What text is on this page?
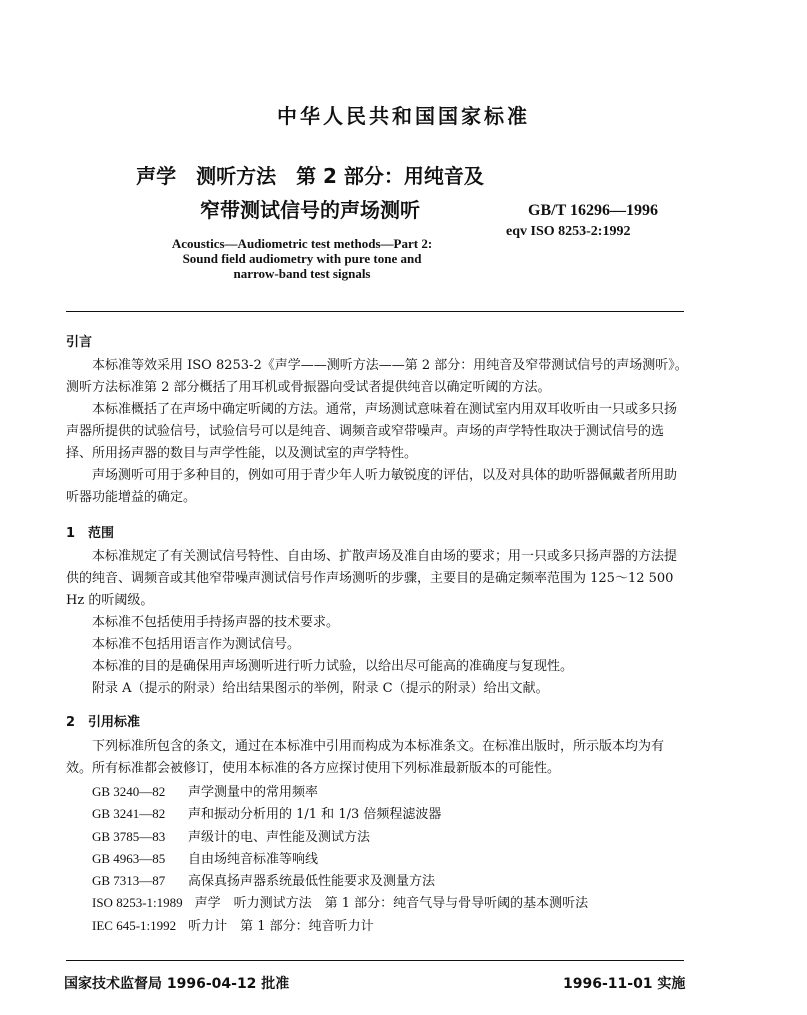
中华人民共和国国家标准
声学　测听方法　第 2 部分：用纯音及
窄带测试信号的声场测听	GB/T 16296—1996
eqv ISO 8253-2:1992
Acoustics—Audiometric test methods—Part 2:
Sound field audiometry with pure tone and
narrow-band test signals
引言

本标准等效采用 ISO 8253-2《声学——测听方法——第 2 部分：用纯音及窄带测试信号的声场测听》。测听方法标准第 2 部分概括了用耳机或骨振器向受试者提供纯音以确定听阈的方法。

本标准概括了在声场中确定听阈的方法。通常，声场测试意味着在测试室内用双耳收听由一只或多只扬声器所提供的试验信号，试验信号可以是纯音、调频音或窄带噪声。声场的声学特性取决于测试信号的选择、所用扬声器的数目与声学性能，以及测试室的声学特性。

声场测听可用于多种目的，例如可用于青少年人听力敏锐度的评估，以及对具体的助听器佩戴者所用助听器功能增益的确定。

1　范围

本标准规定了有关测试信号特性、自由场、扩散声场及准自由场的要求；用一只或多只扬声器的方法提供的纯音、调频音或其他窄带噪声测试信号作声场测听的步骤，主要目的是确定频率范围为 125～12 500 Hz 的听阈级。

本标准不包括使用手持扬声器的技术要求。

本标准不包括用语言作为测试信号。

本标准的目的是确保用声场测听进行听力试验，以给出尽可能高的准确度与复现性。

附录 A（提示的附录）给出结果图示的举例，附录 C（提示的附录）给出文献。

2　引用标准

下列标准所包含的条文，通过在本标准中引用而构成为本标准条文。在标准出版时，所示版本均为有效。所有标准都会被修订，使用本标准的各方应探讨使用下列标准最新版本的可能性。

GB 3240—82 声学测量中的常用频率
GB 3241—82 声和振动分析用的 1/1 和 1/3 倍频程滤波器
GB 3785—83 声级计的电、声性能及测试方法
GB 4963—85 自由场纯音标准等响线
GB 7313—87 高保真扬声器系统最低性能要求及测量方法
ISO 8253-1:1989 声学　听力测试方法　第 1 部分：纯音气导与骨导听阈的基本测听法
IEC 645-1:1992 听力计　第 1 部分：纯音听力计
国家技术监督局 1996-04-12 批准	1996-11-01 实施
